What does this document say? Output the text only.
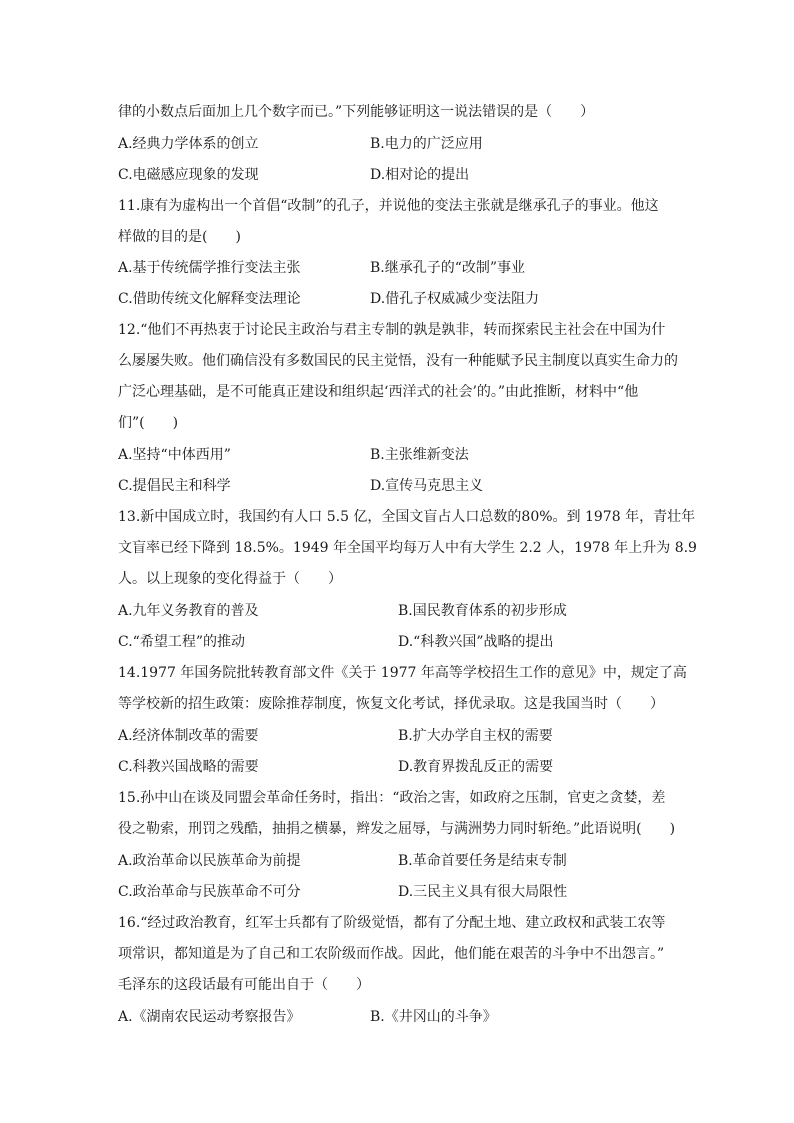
律的小数点后面加上几个数字而已。”下列能够证明这一说法错误的是（　　）
A.经典力学体系的创立	B.电力的广泛应用
C.电磁感应现象的发现	D.相对论的提出
11.康有为虚构出一个首倡“改制”的孔子，并说他的变法主张就是继承孔子的事业。他这
样做的目的是(　　)
A.基于传统儒学推行变法主张	B.继承孔子的“改制”事业
C.借助传统文化解释变法理论	D.借孔子权威减少变法阻力
12.“他们不再热衷于讨论民主政治与君主专制的孰是孰非，转而探索民主社会在中国为什
么屡屡失败。他们确信没有多数国民的民主觉悟，没有一种能赋予民主制度以真实生命力的
广泛心理基础，是不可能真正建设和组织起‘西洋式的社会’的。”由此推断，材料中“他
们”(　　)
A.坚持“中体西用”	B.主张维新变法
C.提倡民主和科学	D.宣传马克思主义
13.新中国成立时，我国约有人口 5.5 亿，全国文盲占人口总数的80%。到 1978 年，青壮年
文盲率已经下降到 18.5%。1949 年全国平均每万人中有大学生 2.2 人，1978 年上升为 8.9
人。以上现象的变化得益于（　　）
A.九年义务教育的普及	B.国民教育体系的初步形成
C.“希望工程”的推动	D.“科教兴国”战略的提出
14.1977 年国务院批转教育部文件《关于 1977 年高等学校招生工作的意见》中，规定了高
等学校新的招生政策：废除推荐制度，恢复文化考试，择优录取。这是我国当时（　　）
A.经济体制改革的需要	B.扩大办学自主权的需要
C.科教兴国战略的需要	D.教育界拨乱反正的需要
15.孙中山在谈及同盟会革命任务时，指出：“政治之害，如政府之压制，官吏之贪婪，差
役之勒索，刑罚之残酷，抽捐之横暴，辫发之屈辱，与满洲势力同时斩绝。”此语说明(　　)
A.政治革命以民族革命为前提	B.革命首要任务是结束专制
C.政治革命与民族革命不可分	D.三民主义具有很大局限性
16.“经过政治教育，红军士兵都有了阶级觉悟，都有了分配土地、建立政权和武装工农等
项常识，都知道是为了自己和工农阶级而作战。因此，他们能在艰苦的斗争中不出怨言。”
毛泽东的这段话最有可能出自于（　　）
A.《湖南农民运动考察报告》	B.《井冈山的斗争》
